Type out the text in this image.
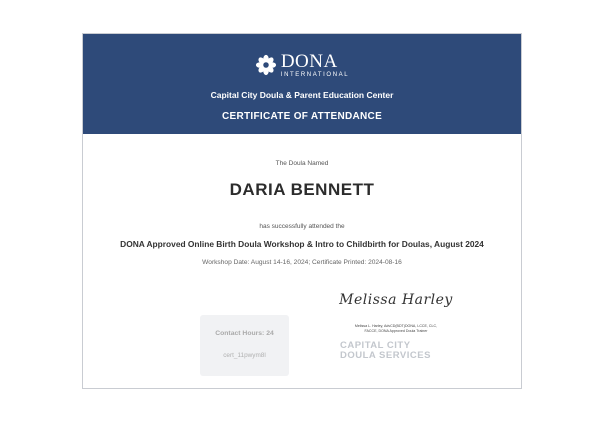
DONA
INTERNATIONAL
Capital City Doula & Parent Education Center
CERTIFICATE OF ATTENDANCE
The Doula Named
DARIA BENNETT
has successfully attended the
DONA Approved Online Birth Doula Workshop & Intro to Childbirth for Doulas, August 2024
Workshop Date: August 14-16, 2024; Certificate Printed: 2024-08-16
Contact Hours: 24
cert_11pwym8l
Melissa Harley
Melissa L. Harley, AdvCD(BDT)DONA, LCCE, CLC,
FACCE, DONA Approved Doula Trainer
CAPITAL CITY
DOULA SERVICES
